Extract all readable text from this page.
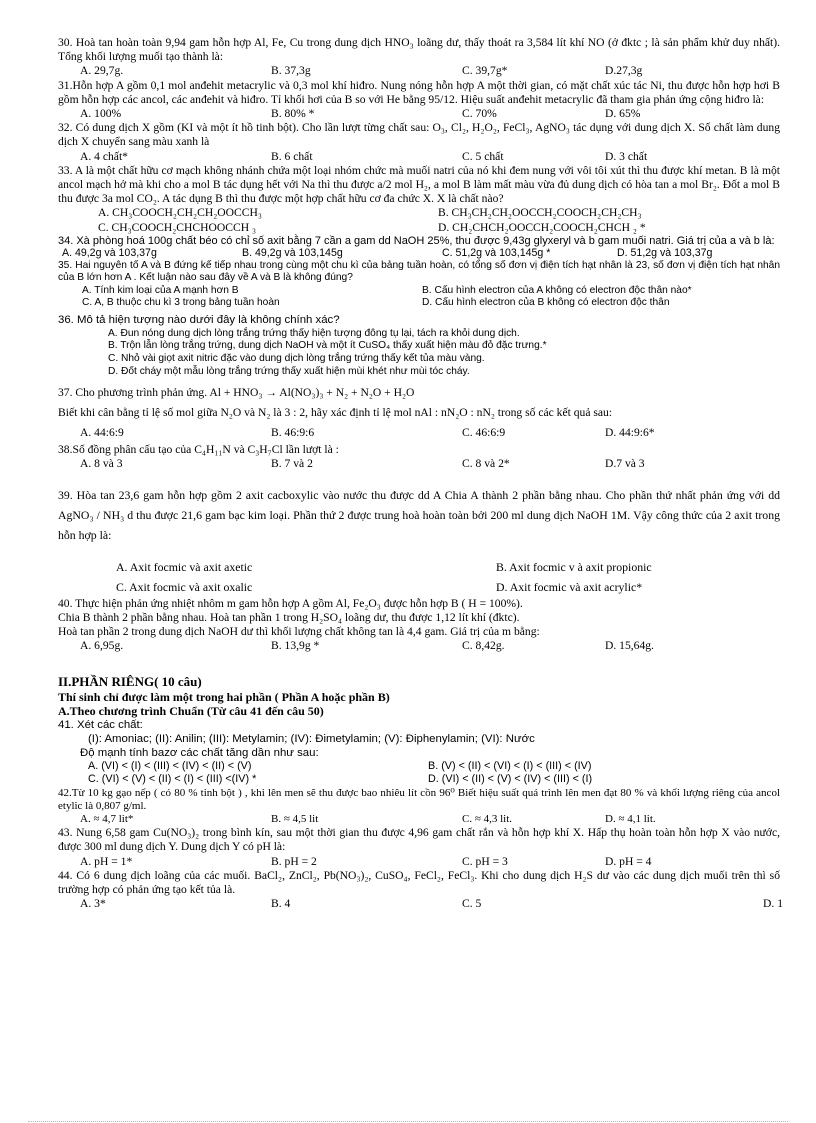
30. Hoà tan hoàn toàn 9,94 gam hỗn hợp Al, Fe, Cu trong dung dịch HNO₃ loãng dư, thấy thoát ra 3,584 lít khí NO (ở đktc ; là sản phẩm khử duy nhất). Tổng khối lượng muối tạo thành là:

A. 29,7g.	B. 37,3g	C. 39,7g*	D.27,3g

31.Hỗn hợp A gồm 0,1 mol anđehit metacrylic và 0,3 mol khí hiđro. Nung nóng hỗn hợp A một thời gian, có mặt chất xúc tác Ni, thu được hỗn hợp hơi B gồm hỗn hợp các ancol, các anđehit và hiđro. Tỉ khối hơi của B so với He bằng 95/12. Hiệu suất anđehit metacrylic đã tham gia phản ứng cộng hiđro là:

A. 100%	B. 80% *	C. 70%	D. 65%

32. Có dung dịch X gồm (KI và một ít hồ tinh bột). Cho lần lượt từng chất sau: O₃, Cl₂, H₂O₂, FeCl₃, AgNO₃ tác dụng với dung dịch X. Số chất làm dung dịch X chuyển sang màu xanh là

A. 4 chất*	B. 6 chất	C. 5 chất	D. 3 chất

33. A là một chất hữu cơ mạch không nhánh chứa một loại nhóm chức mà muối natri của nó khi đem nung với vôi tôi xút thì thu được khí metan. B là một ancol mạch hở mà khi cho a mol B tác dụng hết với Na thì thu được a/2 mol H₂, a mol B làm mất màu vừa đủ dung dịch có hòa tan a mol Br₂. Đốt a mol B thu được 3a mol CO₂. A tác dụng B thì thu được một hợp chất hữu cơ đa chức X. X là chất nào?

A. CH₃COOCH₂CH₂CH₂OOCCH₃	B. CH₃CH₂CH₂OOCCH₂COOCH₂CH₂CH₃
C. CH₃COOCH₂CHCHOOCCH ₃	D. CH₂CHCH₂OOCCH₂COOCH₂CHCH ₂ *

34. Xà phòng hoá 100g chất béo có chỉ số axit bằng 7 cần a gam dd NaOH 25%, thu được 9,43g glyxeryl và b gam muối natri. Giá trị của a và b là:

A. 49,2g và 103,37g	B. 49,2g và 103,145g	C. 51,2g và 103,145g *	D. 51,2g và 103,37g

35. Hai nguyên tố A và B đứng kế tiếp nhau trong cùng một chu kì của bảng tuần hoàn, có tổng số đơn vị điện tích hạt nhân là 23, số đơn vị điện tích hạt nhân của B lớn hơn A . Kết luận nào sau đây về A và B là không đúng?

A. Tính kim loại của A mạnh hơn B	B. Cấu hình electron của A không có electron độc thân nào*
C. A, B thuộc chu kì 3 trong bảng tuần hoàn	D. Cấu hình electron của B không có electron độc thân

36. Mô tả hiện tượng nào dưới đây là không chính xác?

A. Đun nóng dung dịch lòng trắng trứng thấy hiện tượng đông tụ lại, tách ra khỏi dung dịch.
B. Trộn lẫn lòng trắng trứng, dung dịch NaOH và một ít CuSO₄ thấy xuất hiện màu đỏ đặc trưng.*
C. Nhỏ vài giọt axit nitric đặc vào dung dịch lòng trắng trứng thấy kết tủa màu vàng.
D. Đốt cháy một mẫu lòng trắng trứng thấy xuất hiện mùi khét như mùi tóc cháy.

37. Cho phương trình phản ứng. Al + HNO₃ → Al(NO₃)₃ + N₂ + N₂O + H₂O

Biết khi cân bằng tỉ lệ số mol giữa N₂O và N₂ là 3 : 2, hãy xác định tỉ lệ mol nAl : nN₂O : nN₂ trong số các kết quả sau:

A. 44:6:9	B. 46:9:6	C. 46:6:9	D. 44:9:6*

38.Số đồng phân cấu tạo của C₄H₁₁N và C₃H₇Cl lần lượt là :

A. 8 và 3	B. 7 và 2	C. 8 và 2*	D.7 và 3

39. Hòa tan 23,6 gam hỗn hợp gồm 2 axit cacboxylic vào nước thu được dd A Chia A thành 2 phần bằng nhau. Cho phần thứ nhất phản ứng với dd AgNO₃ / NH₃ d thu được 21,6 gam bạc kim loại. Phần thứ 2 được trung hoà hoàn toàn bởi 200 ml dung dịch NaOH 1M. Vậy công thức của 2 axit trong hỗn hợp là:

A. Axit focmic và axit axetic	B. Axit focmic v à axit propionic
C. Axit focmic và axit oxalic	D. Axit focmic và axit acrylic*

40. Thực hiện phản ứng nhiệt nhôm m gam hỗn hợp A gồm Al, Fe₂O₃ được hỗn hợp B ( H = 100%).

Chia B thành 2 phần bằng nhau. Hoà tan phần 1 trong H₂SO₄ loãng dư, thu được 1,12 lít khí (đktc).

Hoà tan phần 2 trong dung dịch NaOH dư thì khối lượng chất không tan là 4,4 gam. Giá trị của m bằng:

A. 6,95g.	B. 13,9g *	C. 8,42g.	D. 15,64g.
II.PHẦN RIÊNG( 10 câu)
Thí sinh chỉ được làm một trong hai phần ( Phần A hoặc phần B)
A.Theo chương trình Chuẩn (Từ câu 41 đến câu 50)

41. Xét các chất:

(I): Amoniac; (II): Anilin; (III): Metylamin; (IV): Đimetylamin; (V): Điphenylamin; (VI): Nước

Độ mạnh tính bazơ các chất tăng dần như sau:

A. (VI) < (I) < (III) < (IV) < (II) < (V)	B. (V) < (II) < (VI) < (I) < (III) < (IV)
C. (VI) < (V) < (II) < (I) < (III) <(IV) *	D. (VI) < (II) < (V) < (IV) < (III) < (I)

42.Từ 10 kg gạo nếp ( có 80 % tinh bột ) , khi lên men sẽ thu được bao nhiêu lít cồn 96⁰ Biết hiệu suất quá trình lên men đạt 80 % và khối lượng riêng của ancol etylic là 0,807 g/ml.

A. ≈ 4,7 lit*	B. ≈ 4,5 lit	C. ≈ 4,3 lit.	D. ≈ 4,1 lit.

43. Nung 6,58 gam Cu(NO₃)₂ trong bình kín, sau một thời gian thu được 4,96 gam chất rắn và hỗn hợp khí X. Hấp thụ hoàn toàn hỗn hợp X vào nước, được 300 ml dung dịch Y. Dung dịch Y có pH là:

A. pH = 1*	B. pH = 2	C. pH = 3	D. pH = 4

44. Có 6 dung dịch loãng của các muối. BaCl₂, ZnCl₂, Pb(NO₃)₂, CuSO₄, FeCl₂, FeCl₃. Khi cho dung dịch H₂S dư vào các dung dịch muối trên thì số trường hợp có phản ứng tạo kết tủa là.

A. 3*	B. 4	C. 5	D. 1
